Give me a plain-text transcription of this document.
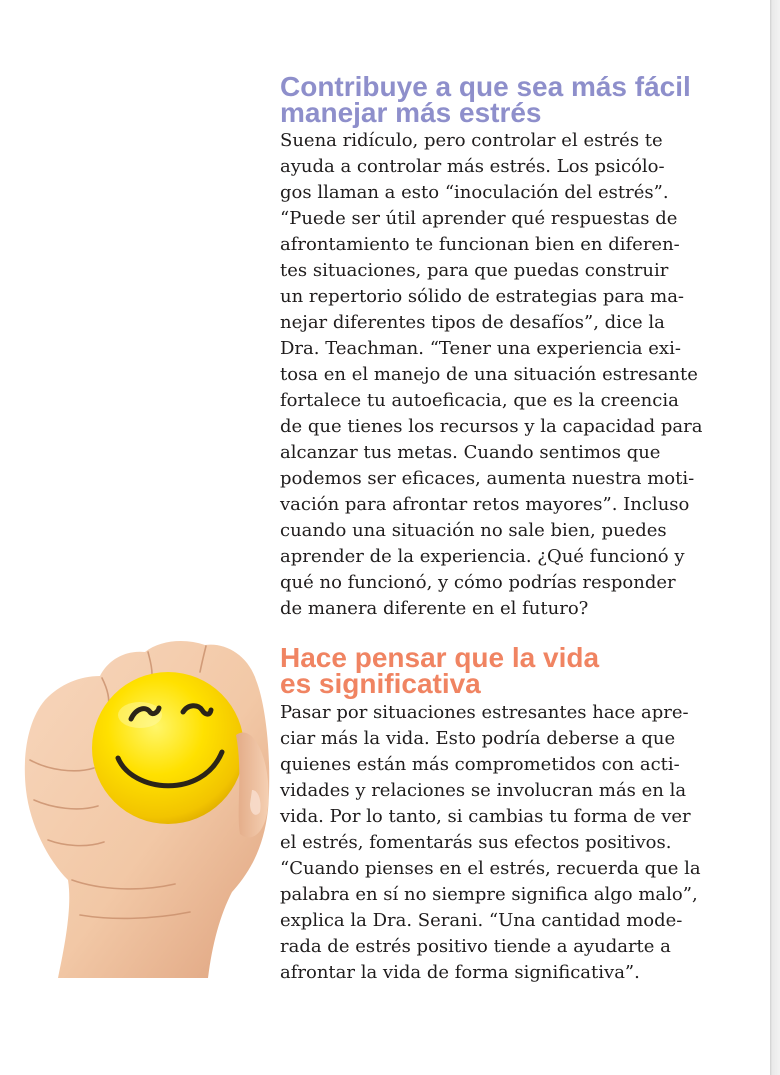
Contribuye a que sea más fácil
manejar más estrés
Suena ridículo, pero controlar el estrés te
ayuda a controlar más estrés. Los psicólo-
gos llaman a esto “inoculación del estrés”.
“Puede ser útil aprender qué respuestas de
afrontamiento te funcionan bien en diferen-
tes situaciones, para que puedas construir
un repertorio sólido de estrategias para ma-
nejar diferentes tipos de desafíos”, dice la
Dra. Teachman. “Tener una experiencia exi-
tosa en el manejo de una situación estresante
fortalece tu autoeficacia, que es la creencia
de que tienes los recursos y la capacidad para
alcanzar tus metas. Cuando sentimos que
podemos ser eficaces, aumenta nuestra moti-
vación para afrontar retos mayores”. Incluso
cuando una situación no sale bien, puedes
aprender de la experiencia. ¿Qué funcionó y
qué no funcionó, y cómo podrías responder
de manera diferente en el futuro?
Hace pensar que la vida
es significativa
Pasar por situaciones estresantes hace apre-
ciar más la vida. Esto podría deberse a que
quienes están más comprometidos con acti-
vidades y relaciones se involucran más en la
vida. Por lo tanto, si cambias tu forma de ver
el estrés, fomentarás sus efectos positivos.
“Cuando pienses en el estrés, recuerda que la
palabra en sí no siempre significa algo malo”,
explica la Dra. Serani. “Una cantidad mode-
rada de estrés positivo tiende a ayudarte a
afrontar la vida de forma significativa”.
